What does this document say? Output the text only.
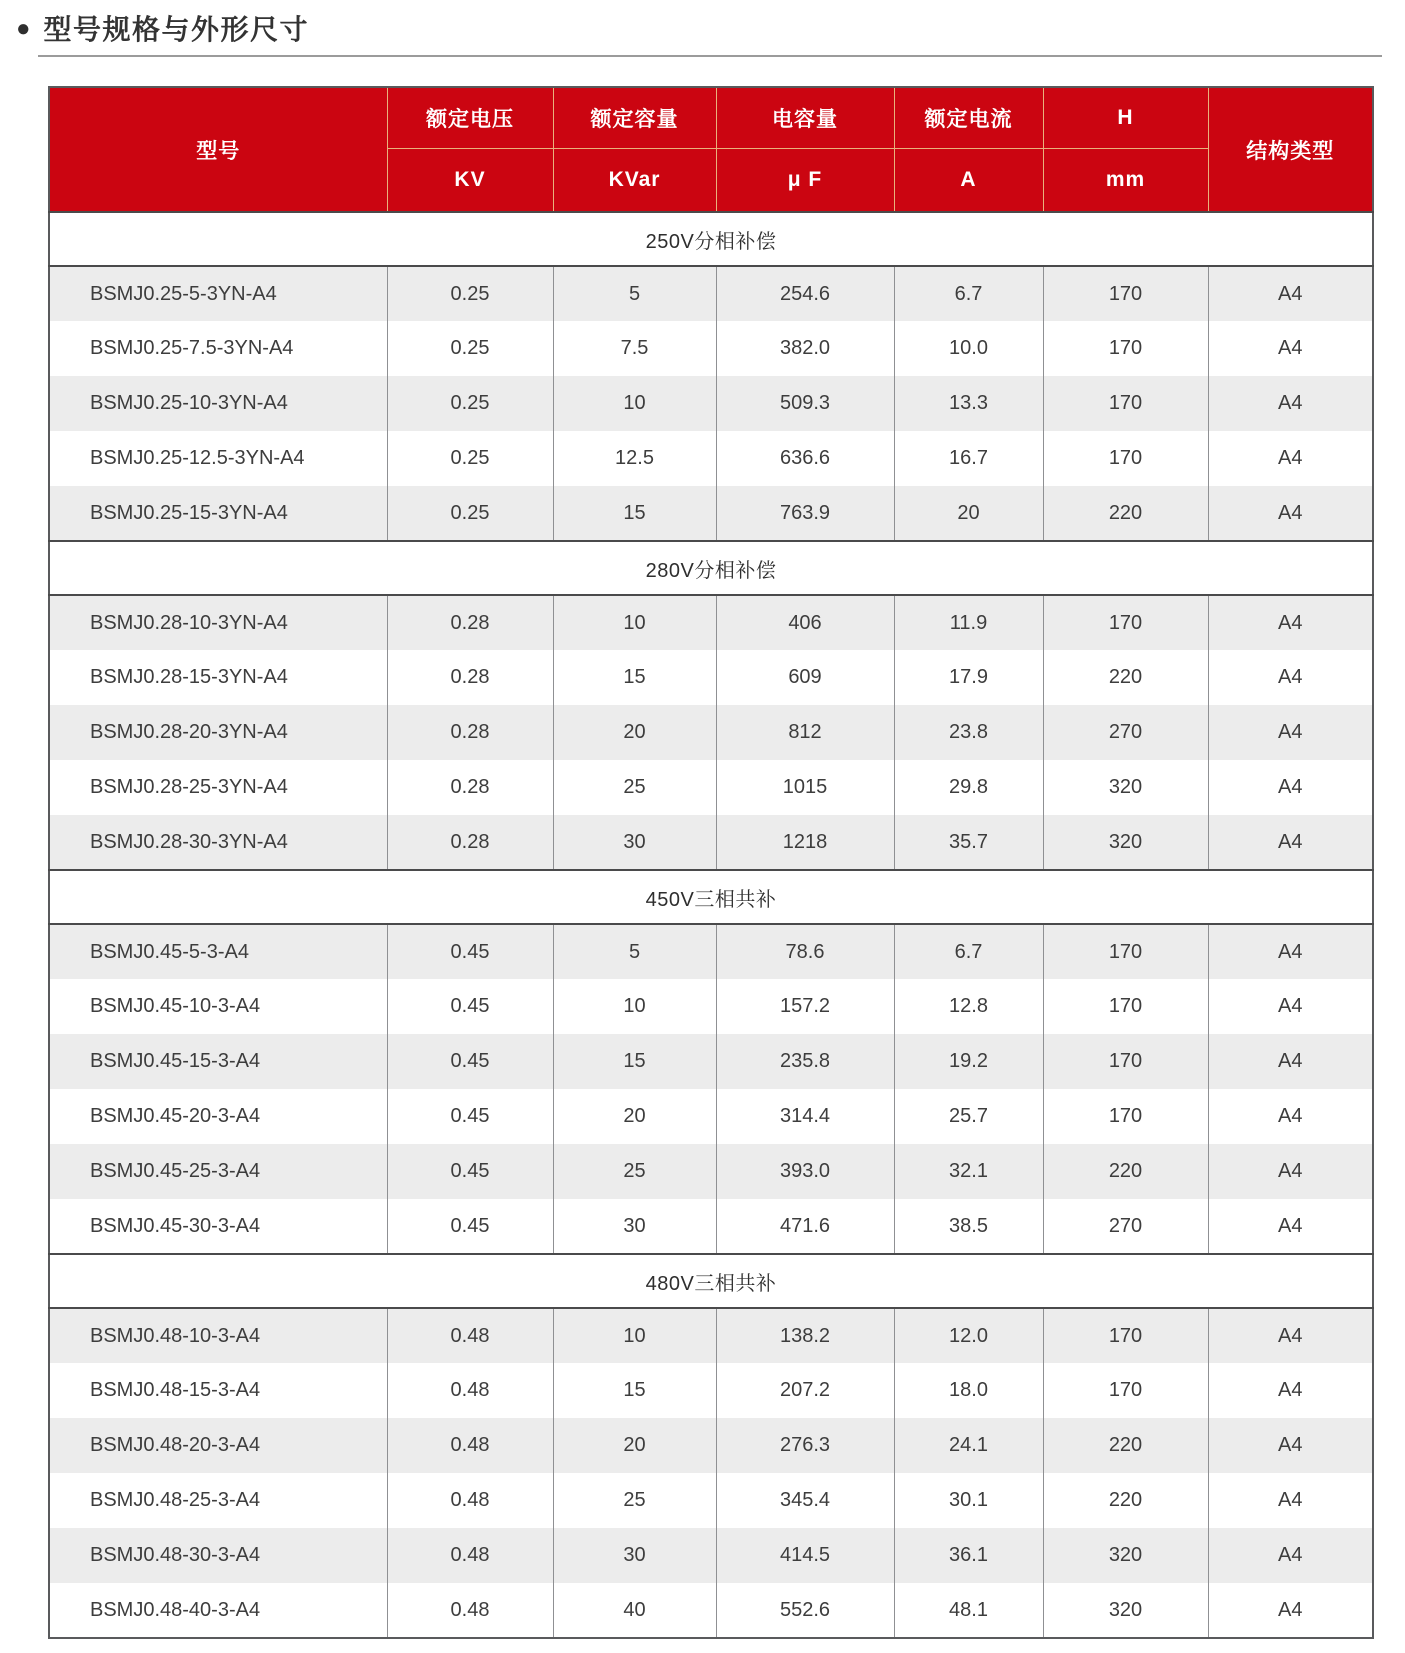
● 型号规格与外形尺寸
型号	额定电压	额定容量	电容量	额定电流	H	结构类型
	KV	KVar	μ F	A	mm	
250V分相补偿						
BSMJ0.25-5-3YN-A4	0.25	5	254.6	6.7	170	A4
BSMJ0.25-7.5-3YN-A4	0.25	7.5	382.0	10.0	170	A4
BSMJ0.25-10-3YN-A4	0.25	10	509.3	13.3	170	A4
BSMJ0.25-12.5-3YN-A4	0.25	12.5	636.6	16.7	170	A4
BSMJ0.25-15-3YN-A4	0.25	15	763.9	20	220	A4
280V分相补偿						
BSMJ0.28-10-3YN-A4	0.28	10	406	11.9	170	A4
BSMJ0.28-15-3YN-A4	0.28	15	609	17.9	220	A4
BSMJ0.28-20-3YN-A4	0.28	20	812	23.8	270	A4
BSMJ0.28-25-3YN-A4	0.28	25	1015	29.8	320	A4
BSMJ0.28-30-3YN-A4	0.28	30	1218	35.7	320	A4
450V三相共补						
BSMJ0.45-5-3-A4	0.45	5	78.6	6.7	170	A4
BSMJ0.45-10-3-A4	0.45	10	157.2	12.8	170	A4
BSMJ0.45-15-3-A4	0.45	15	235.8	19.2	170	A4
BSMJ0.45-20-3-A4	0.45	20	314.4	25.7	170	A4
BSMJ0.45-25-3-A4	0.45	25	393.0	32.1	220	A4
BSMJ0.45-30-3-A4	0.45	30	471.6	38.5	270	A4
480V三相共补						
BSMJ0.48-10-3-A4	0.48	10	138.2	12.0	170	A4
BSMJ0.48-15-3-A4	0.48	15	207.2	18.0	170	A4
BSMJ0.48-20-3-A4	0.48	20	276.3	24.1	220	A4
BSMJ0.48-25-3-A4	0.48	25	345.4	30.1	220	A4
BSMJ0.48-30-3-A4	0.48	30	414.5	36.1	320	A4
BSMJ0.48-40-3-A4	0.48	40	552.6	48.1	320	A4
